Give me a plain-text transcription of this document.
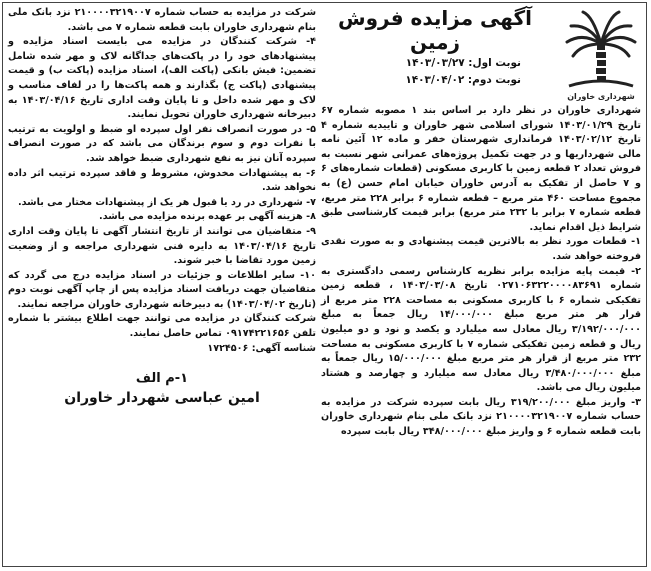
شهرداری خاوران

آگهی مزایده فروش

زمین

نوبت اول: ۱۴۰۳/۰۳/۲۷
نوبت دوم: ۱۴۰۳/۰۴/۰۲

شهرداری خاوران در نظر دارد بر اساس بند ۱ مصوبه شماره ۶۷ تاریخ ۱۴۰۳/۰۱/۲۹ شورای اسلامی شهر خاوران و تاییدیه شماره ۴ تاریخ ۱۴۰۳/۰۲/۱۲ فرمانداری شهرستان خفر و ماده ۱۲ آئین نامه مالی شهرداریها و در جهت تکمیل پروژه‌های عمرانی شهر نسبت به فروش تعداد ۲ قطعه زمین با کاربری مسکونی (قطعات شماره‌های ۶ و ۷ حاصل از تفکیک به آدرس خاوران خیابان امام حسن (ع) به مجموع مساحت ۴۶۰ متر مربع – قطعه شماره ۶ برابر ۲۲۸ متر مربع، قطعه شماره ۷ برابر با ۲۳۲ متر مربع) برابر قیمت کارشناسی طبق شرایط ذیل اقدام نماید.

۱- قطعات مورد نظر به بالاترین قیمت پیشنهادی و به صورت نقدی فروخته خواهد شد.

۲- قیمت پایه مزایده برابر نظریه کارشناس رسمی دادگستری به شماره ۰۲۷۱۰۶۳۲۲۰۰۰۰۸۳۶۹۱ تاریخ ۱۴۰۳/۰۳/۰۸ ، قطعه زمین تفکیکی شماره ۶ با کاربری مسکونی به مساحت ۲۲۸ متر مربع از قرار هر متر مربع مبلغ ۱۴/۰۰۰/۰۰۰ ریال جمعاً به مبلغ ۳/۱۹۲/۰۰۰/۰۰۰ ریال معادل سه میلیارد و یکصد و نود و دو میلیون ریال و قطعه زمین تفکیکی شماره ۷ با کاربری مسکونی به مساحت ۲۳۲ متر مربع از قرار هر متر مربع مبلغ ۱۵/۰۰۰/۰۰۰ ریال جمعاً به مبلغ ۳/۴۸۰/۰۰۰/۰۰۰ ریال معادل سه میلیارد و چهارصد و هشتاد میلیون ریال می باشد.

۳- واریز مبلغ ۳۱۹/۲۰۰/۰۰۰ ریال بابت سپرده شرکت در مزایده به حساب شماره ۲۱۰۰۰۰۳۲۱۹۰۰۷ نزد بانک ملی بنام شهرداری خاوران بابت قطعه شماره ۶ و واریز مبلغ ۳۴۸/۰۰۰/۰۰۰ ریال بابت سپرده

شرکت در مزایده به حساب شماره ۲۱۰۰۰۰۳۲۱۹۰۰۷ نزد بانک ملی بنام شهرداری خاوران بابت قطعه شماره ۷ می باشد.

۴- شرکت کنندگان در مزایده می بایست اسناد مزایده و پیشنهادهای خود را در پاکت‌های جداگانه لاک و مهر شده شامل تضمین: فیش بانکی (پاکت الف)، اسناد مزایده (پاکت ب) و قیمت پیشنهادی (پاکت ج) بگذارند و همه پاکت‌ها را در لفاف مناسب و لاک و مهر شده داخل و تا پایان وقت اداری تاریخ ۱۴۰۳/۰۴/۱۶ به دبیرخانه شهرداری خاوران تحویل نمایند.

۵- در صورت انصراف نفر اول سپرده او ضبط و اولویت به ترتیب با نفرات دوم و سوم برندگان می باشد که در صورت انصراف سپرده آنان نیز به نفع شهرداری ضبط خواهد شد.

۶- به پیشنهادات مخدوش، مشروط و فاقد سپرده ترتیب اثر داده نخواهد شد.

۷- شهرداری در رد یا قبول هر یک از پیشنهادات مختار می باشد.

۸- هزینه آگهی بر عهده برنده مزایده می باشد.

۹- متقاضیان می توانند از تاریخ انتشار آگهی تا پایان وقت اداری تاریخ ۱۴۰۳/۰۴/۱۶ به دایره فنی شهرداری مراجعه و از وضعیت زمین مورد تقاضا با خبر شوند.

۱۰- سایر اطلاعات و جزئیات در اسناد مزایده درج می گردد که متقاضیان جهت دریافت اسناد مزایده پس از چاپ آگهی نوبت دوم (تاریخ ۱۴۰۳/۰۴/۰۲) به دبیرخانه شهرداری خاوران مراجعه نمایند.

شرکت کنندگان در مزایده می توانند جهت اطلاع بیشتر با شماره تلفن ۰۹۱۷۴۲۲۱۶۵۶ تماس حاصل نمایند.

شناسه آگهی: ۱۷۲۴۵۰۶

۱-م الف
امین عباسی شهردار خاوران
